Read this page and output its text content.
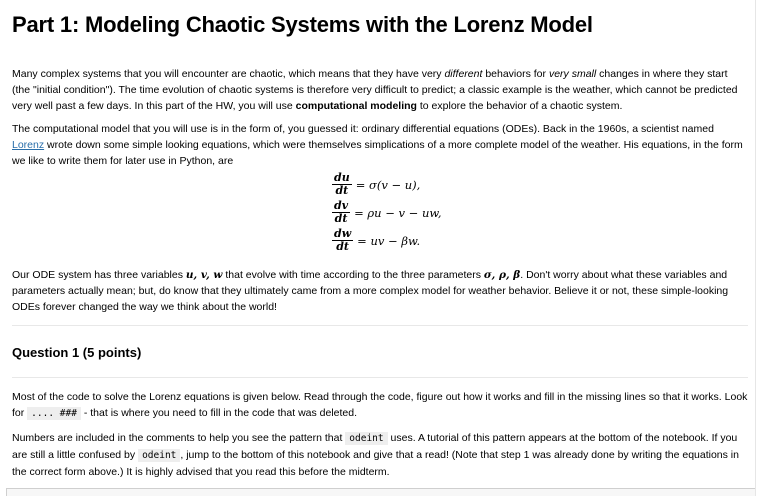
Part 1: Modeling Chaotic Systems with the Lorenz Model

Many complex systems that you will encounter are chaotic, which means that they have very different behaviors for very small changes in where they start (the "initial condition"). The time evolution of chaotic systems is therefore very difficult to predict; a classic example is the weather, which cannot be predicted very well past a few days. In this part of the HW, you will use computational modeling to explore the behavior of a chaotic system.

The computational model that you will use is in the form of, you guessed it: ordinary differential equations (ODEs). Back in the 1960s, a scientist named Lorenz wrote down some simple looking equations, which were themselves simplications of a more complete model of the weather. His equations, in the form we like to write them for later use in Python, are

$\frac{du}{dt} = \sigma(v - u)$,
$\frac{dv}{dt} = \rho u - v$ − uw,
$\frac{dw}{dt}$ = uv − βw.

Our ODE system has three variables u, v, w that evolve with time according to the three parameters σ, ρ, β. Don't worry about what these variables and parameters actually mean; but, do know that they ultimately came from a more complex model for weather behavior. Believe it or not, these simple-looking ODEs forever changed the way we think about the world!

Question 1 (5 points)

Most of the code to solve the Lorenz equations is given below. Read through the code, figure out how it works and fill in the missing lines so that it works. Look for .... ### - that is where you need to fill in the code that was deleted.

Numbers are included in the comments to help you see the pattern that odeint uses. A tutorial of this pattern appears at the bottom of the notebook. If you are still a little confused by odeint , jump to the bottom of this notebook and give that a read! (Note that step 1 was already done by writing the equations in the correct form above.) It is highly advised that you read this before the midterm.
